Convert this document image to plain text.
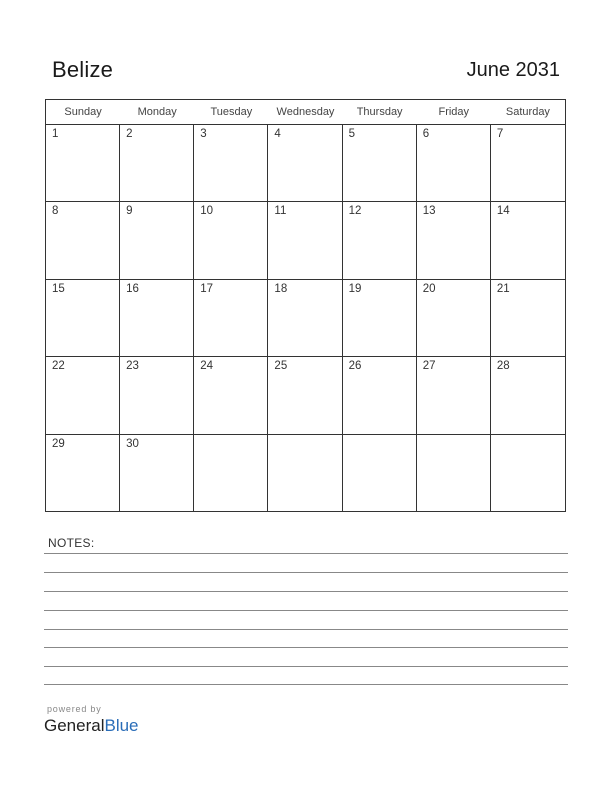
Belize	June 2031
Sunday	Monday	Tuesday	Wednesday	Thursday	Friday	Saturday
1	2	3	4	5	6	7
8	9	10	11	12	13	14
15	16	17	18	19	20	21
22	23	24	25	26	27	28
29	30
NOTES:
powered by
GeneralBlue
